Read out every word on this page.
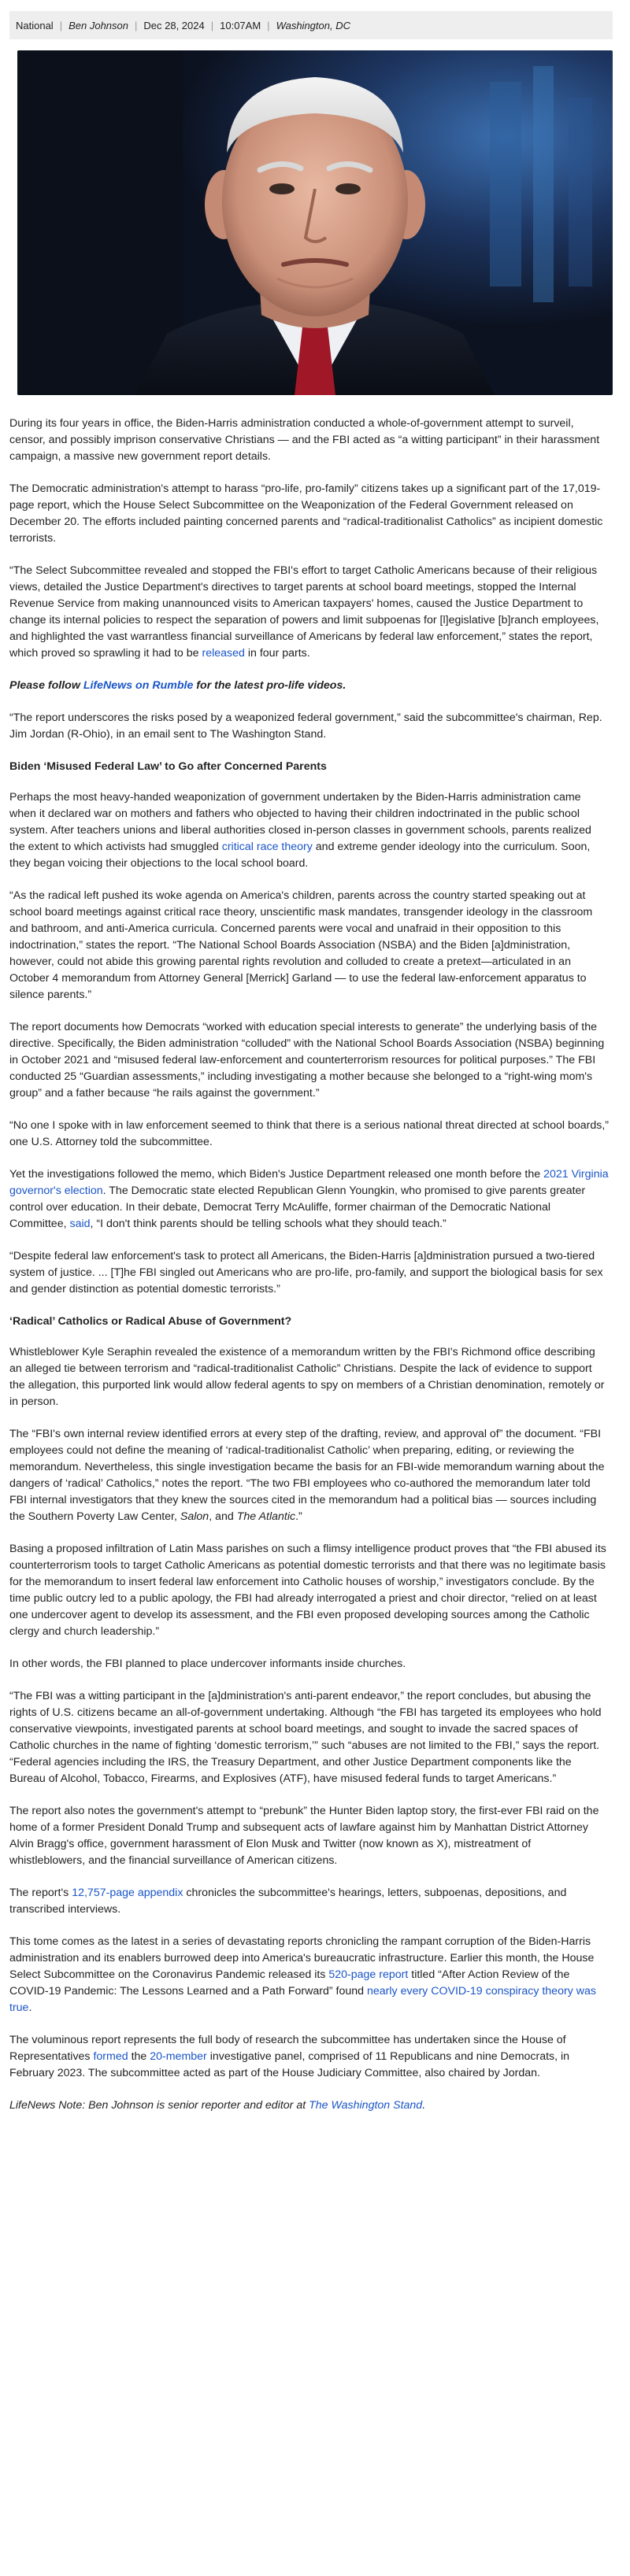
National | Ben Johnson | Dec 28, 2024 | 10:07AM | Washington, DC

During its four years in office, the Biden-Harris administration conducted a whole-of-government attempt to surveil, censor, and possibly imprison conservative Christians — and the FBI acted as “a witting participant” in their harassment campaign, a massive new government report details.

The Democratic administration's attempt to harass “pro-life, pro-family” citizens takes up a significant part of the 17,019-page report, which the House Select Subcommittee on the Weaponization of the Federal Government released on December 20. The efforts included painting concerned parents and “radical-traditionalist Catholics” as incipient domestic terrorists.

“The Select Subcommittee revealed and stopped the FBI's effort to target Catholic Americans because of their religious views, detailed the Justice Department's directives to target parents at school board meetings, stopped the Internal Revenue Service from making unannounced visits to American taxpayers' homes, caused the Justice Department to change its internal policies to respect the separation of powers and limit subpoenas for [l]egislative [b]ranch employees, and highlighted the vast warrantless financial surveillance of Americans by federal law enforcement,” states the report, which proved so sprawling it had to be released in four parts.

Please follow LifeNews on Rumble for the latest pro-life videos.

“The report underscores the risks posed by a weaponized federal government,” said the subcommittee's chairman, Rep. Jim Jordan (R-Ohio), in an email sent to The Washington Stand.

Biden ‘Misused Federal Law’ to Go after Concerned Parents

Perhaps the most heavy-handed weaponization of government undertaken by the Biden-Harris administration came when it declared war on mothers and fathers who objected to having their children indoctrinated in the public school system. After teachers unions and liberal authorities closed in-person classes in government schools, parents realized the extent to which activists had smuggled critical race theory and extreme gender ideology into the curriculum. Soon, they began voicing their objections to the local school board.

“As the radical left pushed its woke agenda on America's children, parents across the country started speaking out at school board meetings against critical race theory, unscientific mask mandates, transgender ideology in the classroom and bathroom, and anti-America curricula. Concerned parents were vocal and unafraid in their opposition to this indoctrination,” states the report. “The National School Boards Association (NSBA) and the Biden [a]dministration, however, could not abide this growing parental rights revolution and colluded to create a pretext—articulated in an October 4 memorandum from Attorney General [Merrick] Garland — to use the federal law-enforcement apparatus to silence parents.”

The report documents how Democrats “worked with education special interests to generate” the underlying basis of the directive. Specifically, the Biden administration “colluded” with the National School Boards Association (NSBA) beginning in October 2021 and “misused federal law-enforcement and counterterrorism resources for political purposes.” The FBI conducted 25 “Guardian assessments,” including investigating a mother because she belonged to a “right-wing mom's group” and a father because “he rails against the government.”

“No one I spoke with in law enforcement seemed to think that there is a serious national threat directed at school boards,” one U.S. Attorney told the subcommittee.

Yet the investigations followed the memo, which Biden's Justice Department released one month before the 2021 Virginia governor's election. The Democratic state elected Republican Glenn Youngkin, who promised to give parents greater control over education. In their debate, Democrat Terry McAuliffe, former chairman of the Democratic National Committee, said, “I don't think parents should be telling schools what they should teach.”

“Despite federal law enforcement's task to protect all Americans, the Biden-Harris [a]dministration pursued a two-tiered system of justice. ... [T]he FBI singled out Americans who are pro-life, pro-family, and support the biological basis for sex and gender distinction as potential domestic terrorists.”

‘Radical’ Catholics or Radical Abuse of Government?

Whistleblower Kyle Seraphin revealed the existence of a memorandum written by the FBI's Richmond office describing an alleged tie between terrorism and “radical-traditionalist Catholic” Christians. Despite the lack of evidence to support the allegation, this purported link would allow federal agents to spy on members of a Christian denomination, remotely or in person.

The “FBI's own internal review identified errors at every step of the drafting, review, and approval of” the document. “FBI employees could not define the meaning of ‘radical-traditionalist Catholic’ when preparing, editing, or reviewing the memorandum. Nevertheless, this single investigation became the basis for an FBI-wide memorandum warning about the dangers of ‘radical’ Catholics,” notes the report. “The two FBI employees who co-authored the memorandum later told FBI internal investigators that they knew the sources cited in the memorandum had a political bias — sources including the Southern Poverty Law Center, Salon, and The Atlantic.”

Basing a proposed infiltration of Latin Mass parishes on such a flimsy intelligence product proves that “the FBI abused its counterterrorism tools to target Catholic Americans as potential domestic terrorists and that there was no legitimate basis for the memorandum to insert federal law enforcement into Catholic houses of worship,” investigators conclude. By the time public outcry led to a public apology, the FBI had already interrogated a priest and choir director, “relied on at least one undercover agent to develop its assessment, and the FBI even proposed developing sources among the Catholic clergy and church leadership.”

In other words, the FBI planned to place undercover informants inside churches.

“The FBI was a witting participant in the [a]dministration's anti-parent endeavor,” the report concludes, but abusing the rights of U.S. citizens became an all-of-government undertaking. Although “the FBI has targeted its employees who hold conservative viewpoints, investigated parents at school board meetings, and sought to invade the sacred spaces of Catholic churches in the name of fighting ‘domestic terrorism,’” such “abuses are not limited to the FBI,” says the report. “Federal agencies including the IRS, the Treasury Department, and other Justice Department components like the Bureau of Alcohol, Tobacco, Firearms, and Explosives (ATF), have misused federal funds to target Americans.”

The report also notes the government's attempt to “prebunk” the Hunter Biden laptop story, the first-ever FBI raid on the home of a former President Donald Trump and subsequent acts of lawfare against him by Manhattan District Attorney Alvin Bragg's office, government harassment of Elon Musk and Twitter (now known as X), mistreatment of whistleblowers, and the financial surveillance of American citizens.

The report's 12,757-page appendix chronicles the subcommittee's hearings, letters, subpoenas, depositions, and transcribed interviews.

This tome comes as the latest in a series of devastating reports chronicling the rampant corruption of the Biden-Harris administration and its enablers burrowed deep into America's bureaucratic infrastructure. Earlier this month, the House Select Subcommittee on the Coronavirus Pandemic released its 520-page report titled “After Action Review of the COVID-19 Pandemic: The Lessons Learned and a Path Forward” found nearly every COVID-19 conspiracy theory was true.

The voluminous report represents the full body of research the subcommittee has undertaken since the House of Representatives formed the 20-member investigative panel, comprised of 11 Republicans and nine Democrats, in February 2023. The subcommittee acted as part of the House Judiciary Committee, also chaired by Jordan.

LifeNews Note: Ben Johnson is senior reporter and editor at The Washington Stand.
